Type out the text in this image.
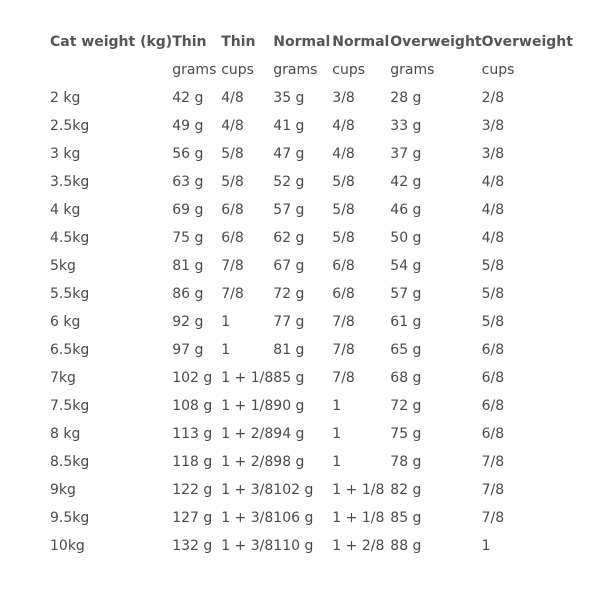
Cat weight (kg)	Thin	Thin	Normal	Normal	Overweight	Overweight
	grams	cups	grams	cups	grams	cups
2 kg	42 g	4/8	35 g	3/8	28 g	2/8
2.5kg	49 g	4/8	41 g	4/8	33 g	3/8
3 kg	56 g	5/8	47 g	4/8	37 g	3/8
3.5kg	63 g	5/8	52 g	5/8	42 g	4/8
4 kg	69 g	6/8	57 g	5/8	46 g	4/8
4.5kg	75 g	6/8	62 g	5/8	50 g	4/8
5kg	81 g	7/8	67 g	6/8	54 g	5/8
5.5kg	86 g	7/8	72 g	6/8	57 g	5/8
6 kg	92 g	1	77 g	7/8	61 g	5/8
6.5kg	97 g	1	81 g	7/8	65 g	6/8
7kg	102 g	1 + 1/8	85 g	7/8	68 g	6/8
7.5kg	108 g	1 + 1/8	90 g	1	72 g	6/8
8 kg	113 g	1 + 2/8	94 g	1	75 g	6/8
8.5kg	118 g	1 + 2/8	98 g	1	78 g	7/8
9kg	122 g	1 + 3/8	102 g	1 + 1/8	82 g	7/8
9.5kg	127 g	1 + 3/8	106 g	1 + 1/8	85 g	7/8
10kg	132 g	1 + 3/8	110 g	1 + 2/8	88 g	1
